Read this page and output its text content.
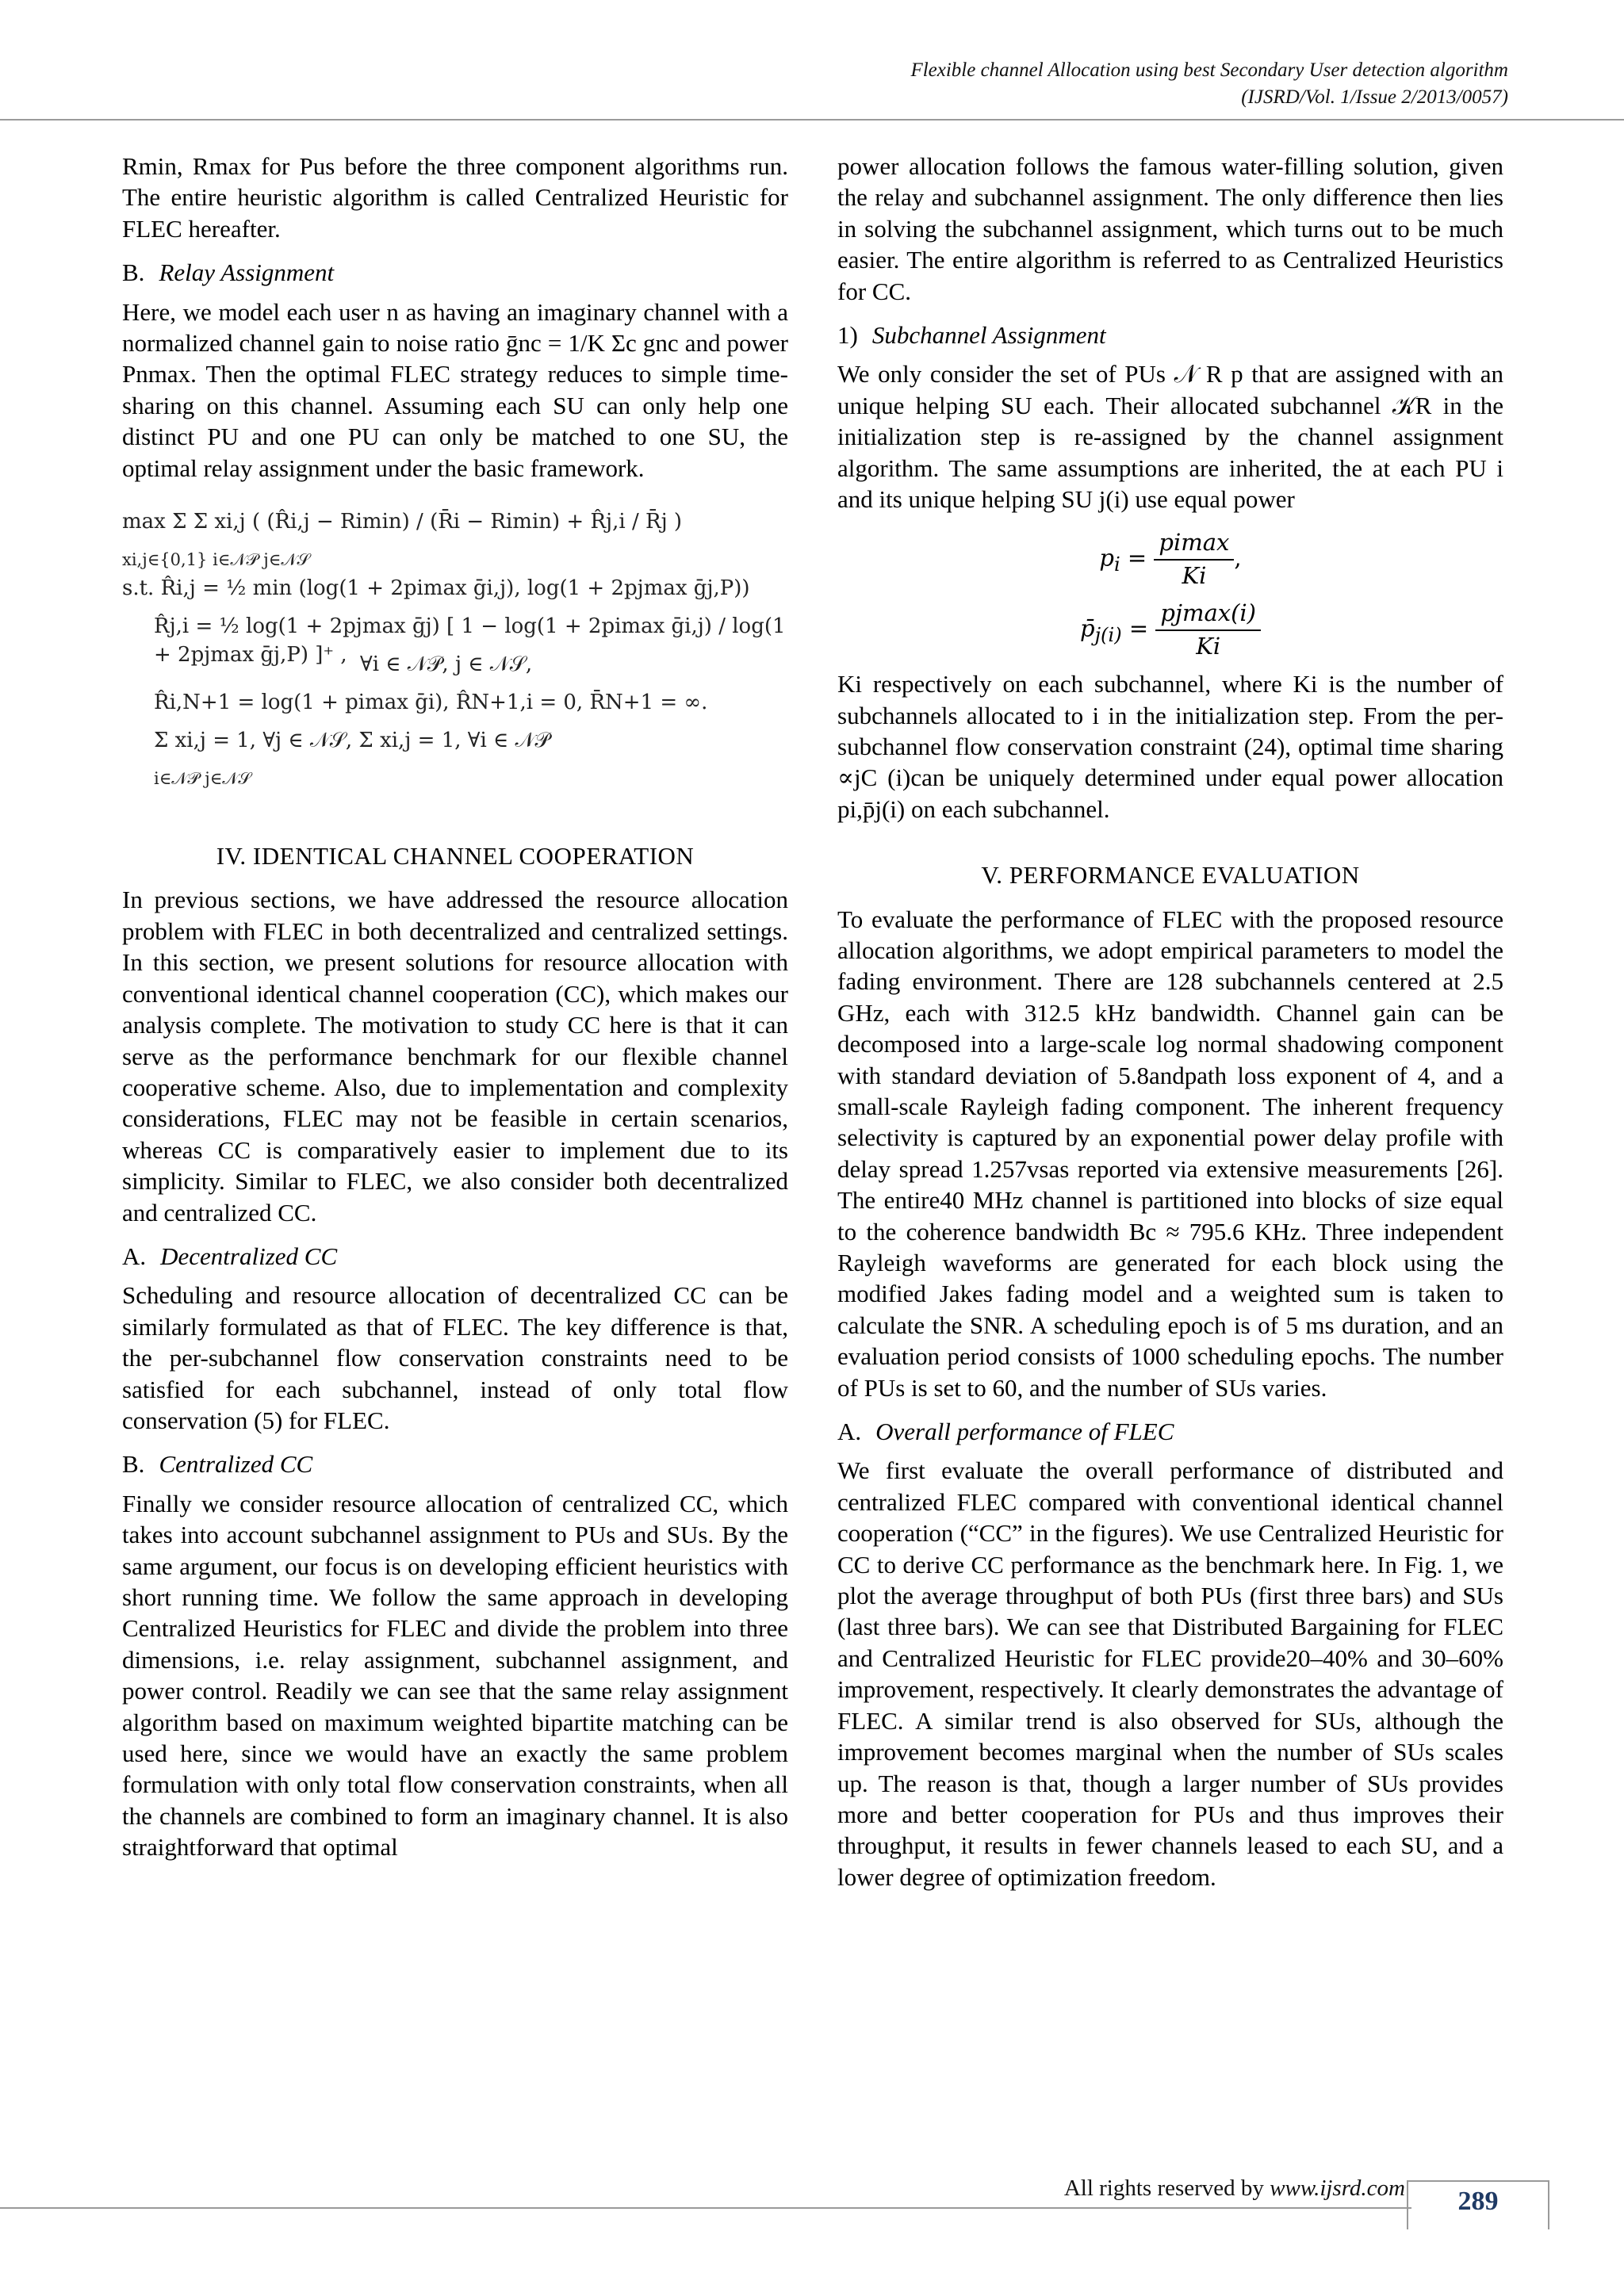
Flexible channel Allocation using best Secondary User detection algorithm
(IJSRD/Vol. 1/Issue 2/2013/0057)

Rmin, Rmax for Pus before the three component algorithms run. The entire heuristic algorithm is called Centralized Heuristic for FLEC hereafter.

B. Relay Assignment

Here, we model each user n as having an imaginary channel with a normalized channel gain to noise ratio ḡnc = 1/K Σc gnc and power Pnmax. Then the optimal FLEC strategy reduces to simple time-sharing on this channel. Assuming each SU can only help one distinct PU and one PU can only be matched to one SU, the optimal relay assignment under the basic framework.

max Σ Σ xi,j ( (R̂i,j − Rimin) / (R̄i − Rimin) + R̂j,i / R̄j )
xi,j∈{0,1} i∈𝒩𝒫 j∈𝒩𝒮
s.t. R̂i,j = ½ min (log(1 + 2pimax ḡi,j), log(1 + 2pjmax ḡj,P))
R̂j,i = ½ log(1 + 2pjmax ḡj) [ 1 − log(1 + 2pimax ḡi,j) / log(1 + 2pjmax ḡj,P) ]⁺ , ∀i ∈ 𝒩𝒫, j ∈ 𝒩𝒮,
R̂i,N+1 = log(1 + pimax ḡi), R̂N+1,i = 0, R̄N+1 = ∞.
Σ xi,j = 1, ∀j ∈ 𝒩𝒮, Σ xi,j = 1, ∀i ∈ 𝒩𝒫
i∈𝒩𝒫 j∈𝒩𝒮
IV. IDENTICAL CHANNEL COOPERATION

In previous sections, we have addressed the resource allocation problem with FLEC in both decentralized and centralized settings. In this section, we present solutions for resource allocation with conventional identical channel cooperation (CC), which makes our analysis complete. The motivation to study CC here is that it can serve as the performance benchmark for our flexible channel cooperative scheme. Also, due to implementation and complexity considerations, FLEC may not be feasible in certain scenarios, whereas CC is comparatively easier to implement due to its simplicity. Similar to FLEC, we also consider both decentralized and centralized CC.

A. Decentralized CC

Scheduling and resource allocation of decentralized CC can be similarly formulated as that of FLEC. The key difference is that, the per-subchannel flow conservation constraints need to be satisfied for each subchannel, instead of only total flow conservation (5) for FLEC.

B. Centralized CC

Finally we consider resource allocation of centralized CC, which takes into account subchannel assignment to PUs and SUs. By the same argument, our focus is on developing efficient heuristics with short running time. We follow the same approach in developing Centralized Heuristics for FLEC and divide the problem into three dimensions, i.e. relay assignment, subchannel assignment, and power control. Readily we can see that the same relay assignment algorithm based on maximum weighted bipartite matching can be used here, since we would have an exactly the same problem formulation with only total flow conservation constraints, when all the channels are combined to form an imaginary channel. It is also straightforward that optimal

power allocation follows the famous water-filling solution, given the relay and subchannel assignment. The only difference then lies in solving the subchannel assignment, which turns out to be much easier. The entire algorithm is referred to as Centralized Heuristics for CC.

1) Subchannel Assignment

We only consider the set of PUs 𝒩 R p that are assigned with an unique helping SU each. Their allocated subchannel 𝒦R in the initialization step is re-assigned by the channel assignment algorithm. The same assumptions are inherited, the at each PU i and its unique helping SU j(i) use equal power

$p_i = \frac{pimax}{Ki}$ ,
$p̄_{j(i)} = \frac{pjmax(i)}{Ki}$

Ki respectively on each subchannel, where Ki is the number of subchannels allocated to i in the initialization step. From the per-subchannel flow conservation constraint (24), optimal time sharing ∝jC (i)can be uniquely determined under equal power allocation pi,p̄j(i) on each subchannel.

V. PERFORMANCE EVALUATION

To evaluate the performance of FLEC with the proposed resource allocation algorithms, we adopt empirical parameters to model the fading environment. There are 128 subchannels centered at 2.5 GHz, each with 312.5 kHz bandwidth. Channel gain can be decomposed into a large-scale log normal shadowing component with standard deviation of 5.8andpath loss exponent of 4, and a small-scale Rayleigh fading component. The inherent frequency selectivity is captured by an exponential power delay profile with delay spread 1.257vsas reported via extensive measurements [26]. The entire40 MHz channel is partitioned into blocks of size equal to the coherence bandwidth Bc ≈ 795.6 KHz. Three independent Rayleigh waveforms are generated for each block using the modified Jakes fading model and a weighted sum is taken to calculate the SNR. A scheduling epoch is of 5 ms duration, and an evaluation period consists of 1000 scheduling epochs. The number of PUs is set to 60, and the number of SUs varies.

A. Overall performance of FLEC

We first evaluate the overall performance of distributed and centralized FLEC compared with conventional identical channel cooperation (“CC” in the figures). We use Centralized Heuristic for CC to derive CC performance as the benchmark here. In Fig. 1, we plot the average throughput of both PUs (first three bars) and SUs (last three bars). We can see that Distributed Bargaining for FLEC and Centralized Heuristic for FLEC provide20–40% and 30–60% improvement, respectively. It clearly demonstrates the advantage of FLEC. A similar trend is also observed for SUs, although the improvement becomes marginal when the number of SUs scales up. The reason is that, though a larger number of SUs provides more and better cooperation for PUs and thus improves their throughput, it results in fewer channels leased to each SU, and a lower degree of optimization freedom.

All rights reserved by www.ijsrd.com	289
